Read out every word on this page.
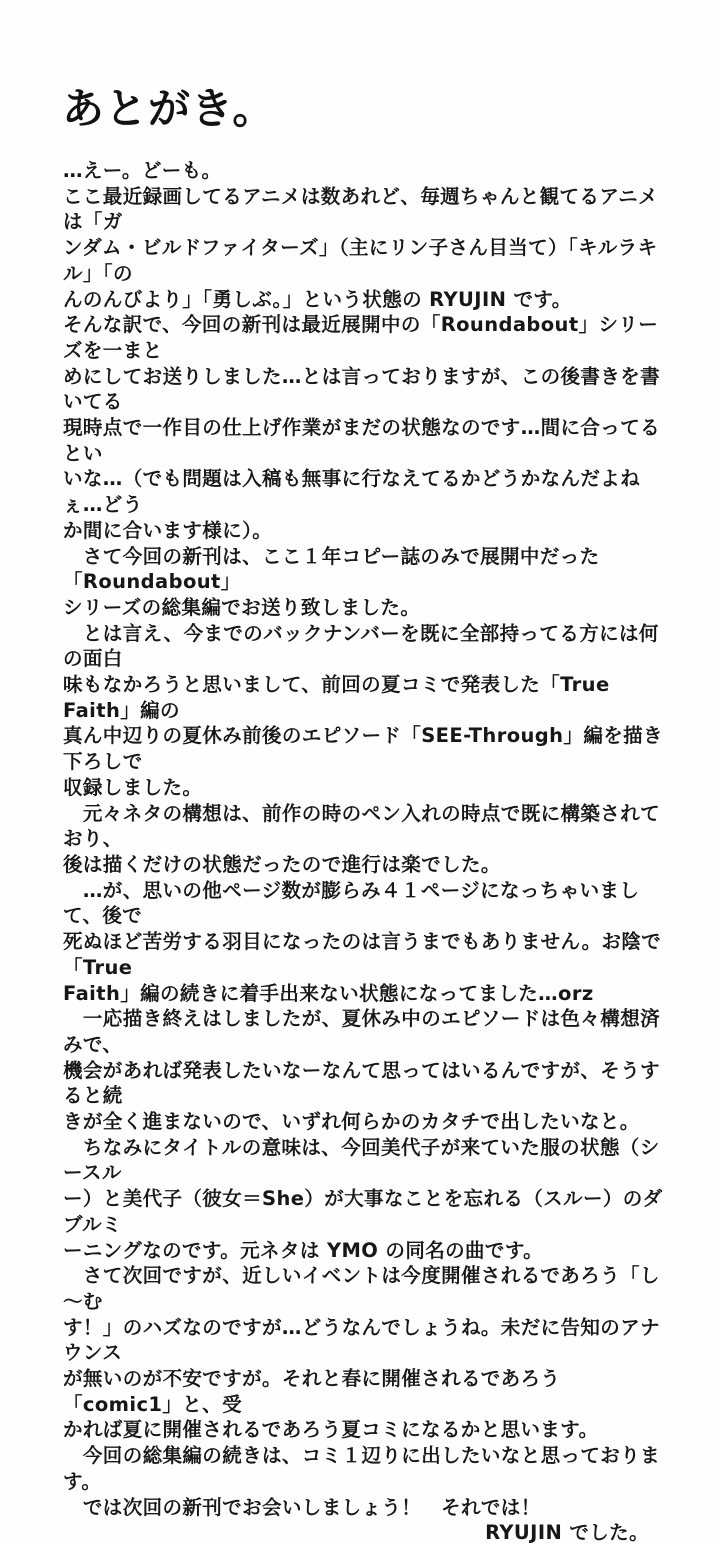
あとがき。
…えー。どーも。
ここ最近録画してるアニメは数あれど、毎週ちゃんと観てるアニメは「ガ
ンダム・ビルドファイターズ」（主にリン子さん目当て）「キルラキル」「の
んのんびより」「勇しぶ。」という状態の RYUJIN です。
そんな訳で、今回の新刊は最近展開中の「Roundabout」シリーズを一まと
めにしてお送りしました…とは言っておりますが、この後書きを書いてる
現時点で一作目の仕上げ作業がまだの状態なのです…間に合ってるとい
いな…（でも問題は入稿も無事に行なえてるかどうかなんだよねぇ…どう
か間に合います様に）。
　さて今回の新刊は、ここ１年コピー誌のみで展開中だった「Roundabout」
シリーズの総集編でお送り致しました。
　とは言え、今までのバックナンバーを既に全部持ってる方には何の面白
味もなかろうと思いまして、前回の夏コミで発表した「True Faith」編の
真ん中辺りの夏休み前後のエピソード「SEE-Through」編を描き下ろしで
収録しました。
　元々ネタの構想は、前作の時のペン入れの時点で既に構築されており、
後は描くだけの状態だったので進行は楽でした。
　…が、思いの他ページ数が膨らみ４１ページになっちゃいまして、後で
死ぬほど苦労する羽目になったのは言うまでもありません。お陰で「True
Faith」編の続きに着手出来ない状態になってました…orz
　一応描き終えはしましたが、夏休み中のエピソードは色々構想済みで、
機会があれば発表したいなーなんて思ってはいるんですが、そうすると続
きが全く進まないので、いずれ何らかのカタチで出したいなと。
　ちなみにタイトルの意味は、今回美代子が来ていた服の状態（シースル
ー）と美代子（彼女＝She）が大事なことを忘れる（スルー）のダブルミ
ーニングなのです。元ネタは YMO の同名の曲です。
　さて次回ですが、近しいイベントは今度開催されるであろう「し～む
す！」のハズなのですが…どうなんでしょうね。未だに告知のアナウンス
が無いのが不安ですが。それと春に開催されるであろう「comic1」と、受
かれば夏に開催されるであろう夏コミになるかと思います。
　今回の総集編の続きは、コミ１辺りに出したいなと思っております。
　では次回の新刊でお会いしましょう！　それでは！
RYUJIN でした。
